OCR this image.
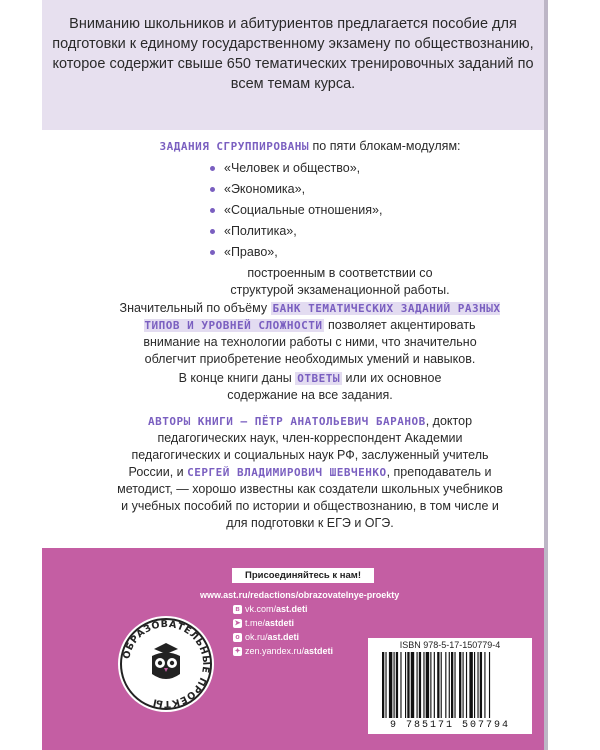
Вниманию школьников и абитуриентов предлагается пособие для подготовки к единому государственному экзамену по обществознанию, которое содержит свыше 650 тематических тренировочных заданий по всем темам курса.
ЗАДАНИЯ СГРУППИРОВАНЫ по пяти блокам-модулям:
«Человек и общество»,
«Экономика»,
«Социальные отношения»,
«Политика»,
«Право»,
построенным в соответствии со структурой экзаменационной работы.
Значительный по объёму БАНК ТЕМАТИЧЕСКИХ ЗАДАНИЙ РАЗНЫХ ТИПОВ И УРОВНЕЙ СЛОЖНОСТИ позволяет акцентировать внимание на технологии работы с ними, что значительно облегчит приобретение необходимых умений и навыков.
В конце книги даны ОТВЕТЫ или их основное содержание на все задания.
АВТОРЫ КНИГИ — ПЁТР АНАТОЛЬЕВИЧ БАРАНОВ, доктор педагогических наук, член-корреспондент Академии педагогических и социальных наук РФ, заслуженный учитель России, и СЕРГЕЙ ВЛАДИМИРОВИЧ ШЕВЧЕНКО, преподаватель и методист, — хорошо известны как создатели школьных учебников и учебных пособий по истории и обществознанию, в том числе и для подготовки к ЕГЭ и ОГЭ.
Присоединяйтесь к нам!
www.ast.ru/redactions/obrazovatelnye-proekty
в vk.com/ast.deti
➤ t.me/astdeti
о ok.ru/ast.deti
✦ zen.yandex.ru/astdeti
ОБРАЗОВАТЕЛЬНЫЕ ПРОЕКТЫ
ISBN 978-5-17-150779-4
9 785171 507794
